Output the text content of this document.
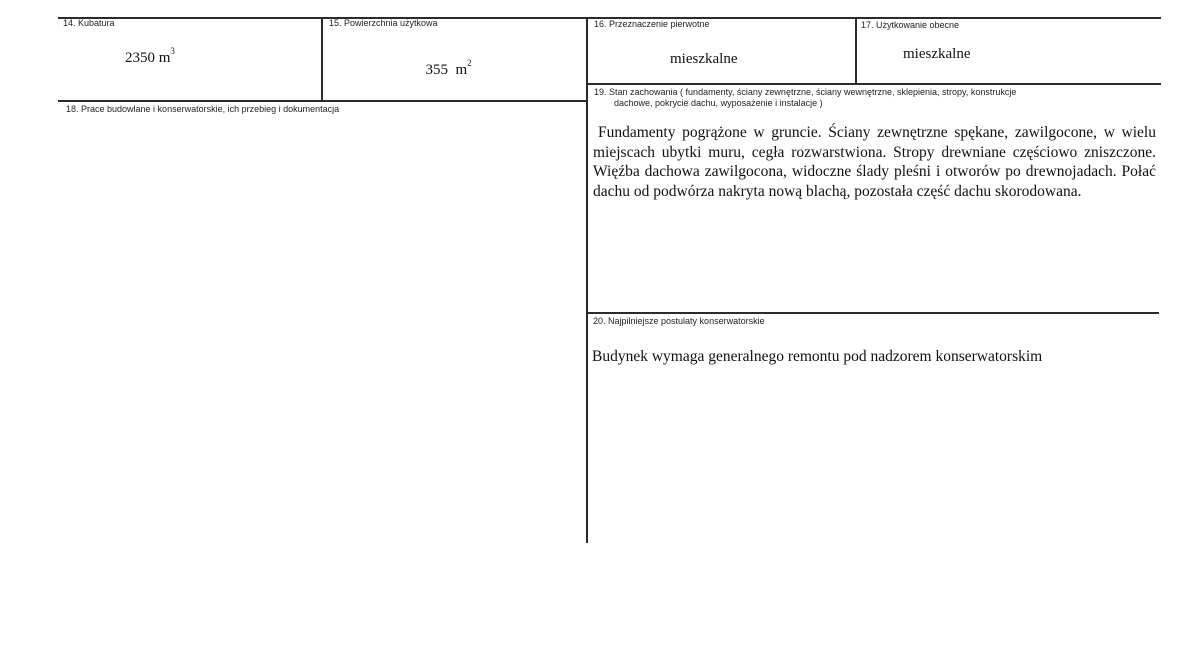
14. Kubatura
2350 $m^3$
15. Powierzchnia użytkowa

355  $m^2$

16. Przeznaczenie pierwotne
mieszkalne
17. Użytkowanie obecne
mieszkalne
18. Prace budowlane i konserwatorskie, ich przebieg i dokumentacja
19. Stan zachowania ( fundamenty, ściany zewnętrzne, ściany wewnętrzne, sklepienia, stropy, konstrukcje
dachowe, pokrycie dachu, wyposażenie i instalacje )
Fundamenty pogrążone w gruncie. Ściany zewnętrzne spękane, zawilgocone, w wielu miejscach ubytki muru, cegła rozwarstwiona. Stropy drewniane częściowo zniszczone. Więźba dachowa zawilgocona, widoczne ślady pleśni i otworów po drewnojadach. Połać dachu od podwórza nakryta nową blachą, pozostała część dachu skorodowana.
20. Najpilniejsze postulaty konserwatorskie
Budynek wymaga generalnego remontu pod nadzorem konserwatorskim
